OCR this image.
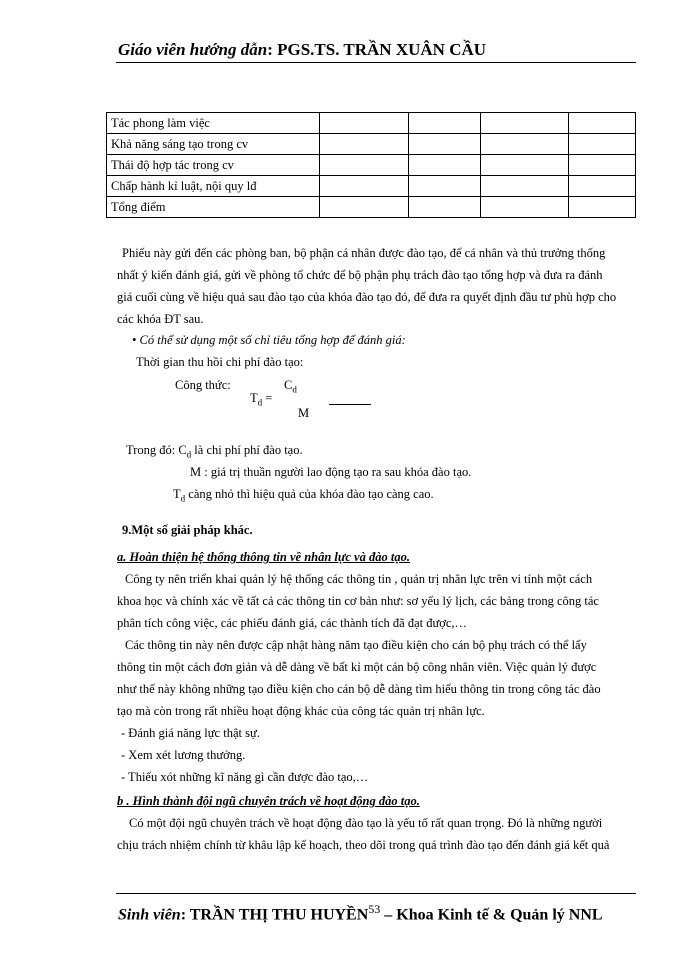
Giáo viên hướng dẫn: PGS.TS. TRẦN XUÂN CẦU
Tác phong làm việc				
Khả năng sáng tạo trong cv				
Thái độ hợp tác trong cv				
Chấp hành kỉ luật, nội quy lđ				
Tổng điểm				
Phiếu này gửi đến các phòng ban, bộ phận cá nhân được đào tạo, để cá nhân và thủ trưởng thống
nhất ý kiến đánh giá, gửi về phòng tổ chức để bộ phận phụ trách đào tạo tổng hợp và đưa ra đánh
giá cuối cùng về hiệu quả sau đào tạo của khóa đào tạo đó, để đưa ra quyết định đầu tư phù hợp cho
các khóa ĐT sau.
• Có thể sử dụng một số chỉ tiêu tổng hợp để đánh giá:
Thời gian thu hồi chi phí đào tạo:
Công thức:	$C_d$
$T_d$ =
M
Trong đó: $C_d$ là chi phí phí đào tạo.
M : giá trị thuần người lao động tạo ra sau khóa đào tạo.
$T_d$ càng nhỏ thì hiệu quả của khóa đào tạo càng cao.
9.Một số giải pháp khác.
a. Hoàn thiện hệ thống thông tin về nhân lực và đào tạo.
Công ty nên triển khai quản lý hệ thống các thông tin , quản trị nhân lực trên vi tính một cách
khoa học và chính xác về tất cả các thông tin cơ bản như: sơ yếu lý lịch, các bảng trong công tác
phân tích công việc, các phiếu đánh giá, các thành tích đã đạt được,…
Các thông tin này nên được cập nhật hàng năm tạo điều kiện cho cán bộ phụ trách có thể lấy
thông tin một cách đơn giản và dễ dàng về bất kỉ một cán bộ công nhân viên. Việc quản lý được
như thế này không những tạo điều kiện cho cán bộ dễ dàng tìm hiểu thông tin trong công tác đào
tạo mà còn trong rất nhiều hoạt động khác của công tác quản trị nhân lực.
- Đánh giá năng lực thật sự.
- Xem xét lương thưởng.
- Thiếu xót những kĩ năng gì cần được đào tạo,…
b . Hình thành đội ngũ chuyên trách về hoạt động đào tạo.
Có một đội ngũ chuyên trách về hoạt động đào tạo là yếu tố rất quan trọng. Đó là những người
chịu trách nhiệm chính từ khâu lập kế hoạch, theo dõi trong quá trình đào tạo đến đánh giá kết quả
Sinh viên: TRẦN THỊ THU HUYỀN$^{53}$ – Khoa Kinh tế & Quản lý NNL
